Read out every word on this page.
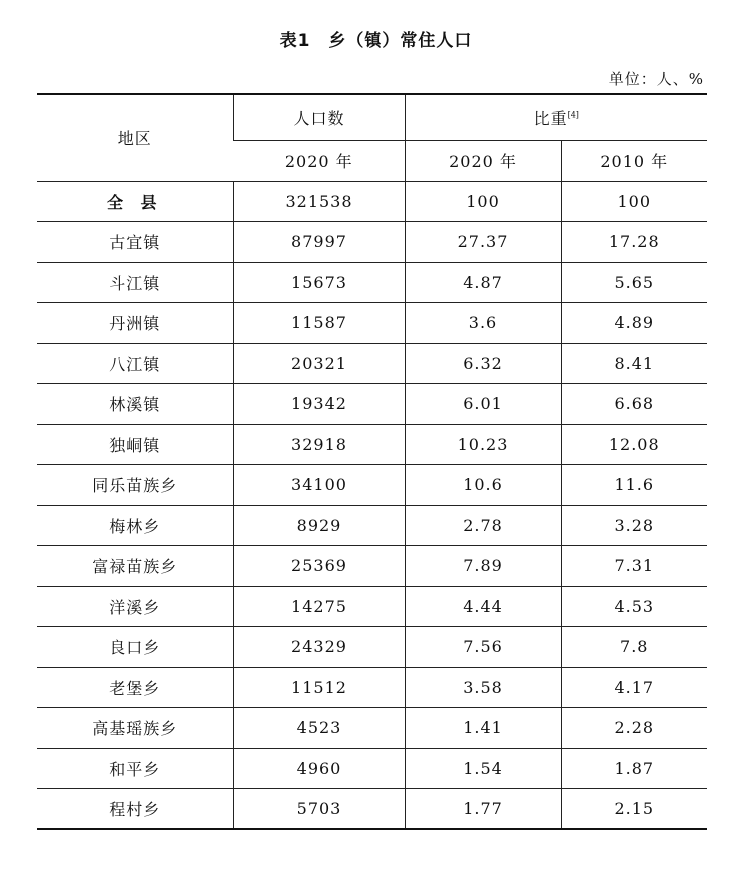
表1　乡（镇）常住人口
单位：人、%
地区	人口数	比重[4]
	2020 年	2020 年	2010 年
全 县	321538	100	100
古宜镇	87997	27.37	17.28
斗江镇	15673	4.87	5.65
丹洲镇	11587	3.6	4.89
八江镇	20321	6.32	8.41
林溪镇	19342	6.01	6.68
独峒镇	32918	10.23	12.08
同乐苗族乡	34100	10.6	11.6
梅林乡	8929	2.78	3.28
富禄苗族乡	25369	7.89	7.31
洋溪乡	14275	4.44	4.53
良口乡	24329	7.56	7.8
老堡乡	11512	3.58	4.17
高基瑶族乡	4523	1.41	2.28
和平乡	4960	1.54	1.87
程村乡	5703	1.77	2.15
